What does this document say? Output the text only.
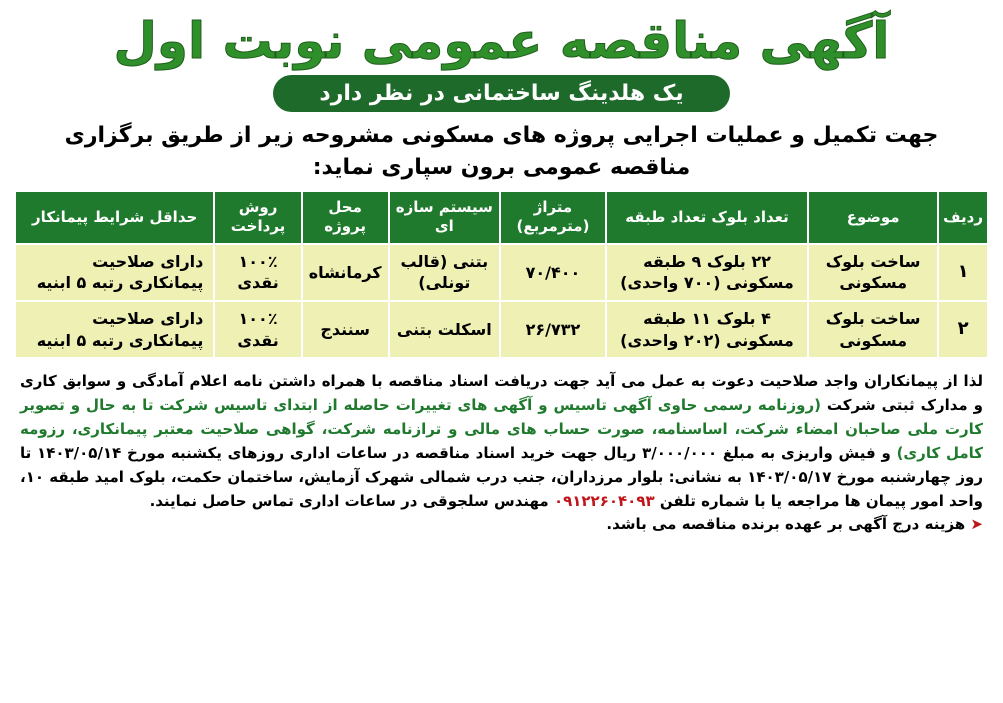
آگهی مناقصه عمومی نوبت اول
یک هلدینگ ساختمانی در نظر دارد
جهت تکمیل و عملیات اجرایی پروژه های مسکونی مشروحه زیر از طریق برگزاری مناقصه عمومی برون سپاری نماید:
ردیف	موضوع	تعداد بلوک تعداد طبقه	متراژ (مترمربع)	سیستم سازه ای	محل پروژه	روش پرداخت	حداقل شرایط پیمانکار
۱	ساخت بلوک مسکونی	۲۲ بلوک ۹ طبقه مسکونی (۷۰۰ واحدی)	۷۰/۴۰۰	بتنی (قالب تونلی)	کرمانشاه	۱۰۰٪ نقدی	دارای صلاحیت پیمانکاری رتبه ۵ ابنیه
۲	ساخت بلوک مسکونی	۴ بلوک ۱۱ طبقه مسکونی (۲۰۲ واحدی)	۲۶/۷۳۲	اسکلت بتنی	سنندج	۱۰۰٪ نقدی	دارای صلاحیت پیمانکاری رتبه ۵ ابنیه
لذا از پیمانکاران واجد صلاحیت دعوت به عمل می آید جهت دریافت اسناد مناقصه با همراه داشتن نامه اعلام آمادگی و سوابق کاری و مدارک ثبتی شرکت (روزنامه رسمی حاوی آگهی تاسیس و آگهی های تغییرات حاصله از ابتدای تاسیس شرکت تا به حال و تصویر کارت ملی صاحبان امضاء شرکت، اساسنامه، صورت حساب های مالی و ترازنامه شرکت، گواهی صلاحیت معتبر پیمانکاری، رزومه کامل کاری) و فیش واریزی به مبلغ ۳/۰۰۰/۰۰۰ ریال جهت خرید اسناد مناقصه در ساعات اداری روزهای یکشنبه مورخ ۱۴۰۳/۰۵/۱۴ تا روز چهارشنبه مورخ ۱۴۰۳/۰۵/۱۷ به نشانی: بلوار مرزداران، جنب درب شمالی شهرک آزمایش، ساختمان حکمت، بلوک امید طبقه ۱۰، واحد امور پیمان ها مراجعه یا با شماره تلفن ۰۹۱۲۲۶۰۴۰۹۳ مهندس سلجوقی در ساعات اداری تماس حاصل نمایند.
➤ هزینه درج آگهی بر عهده برنده مناقصه می باشد.
